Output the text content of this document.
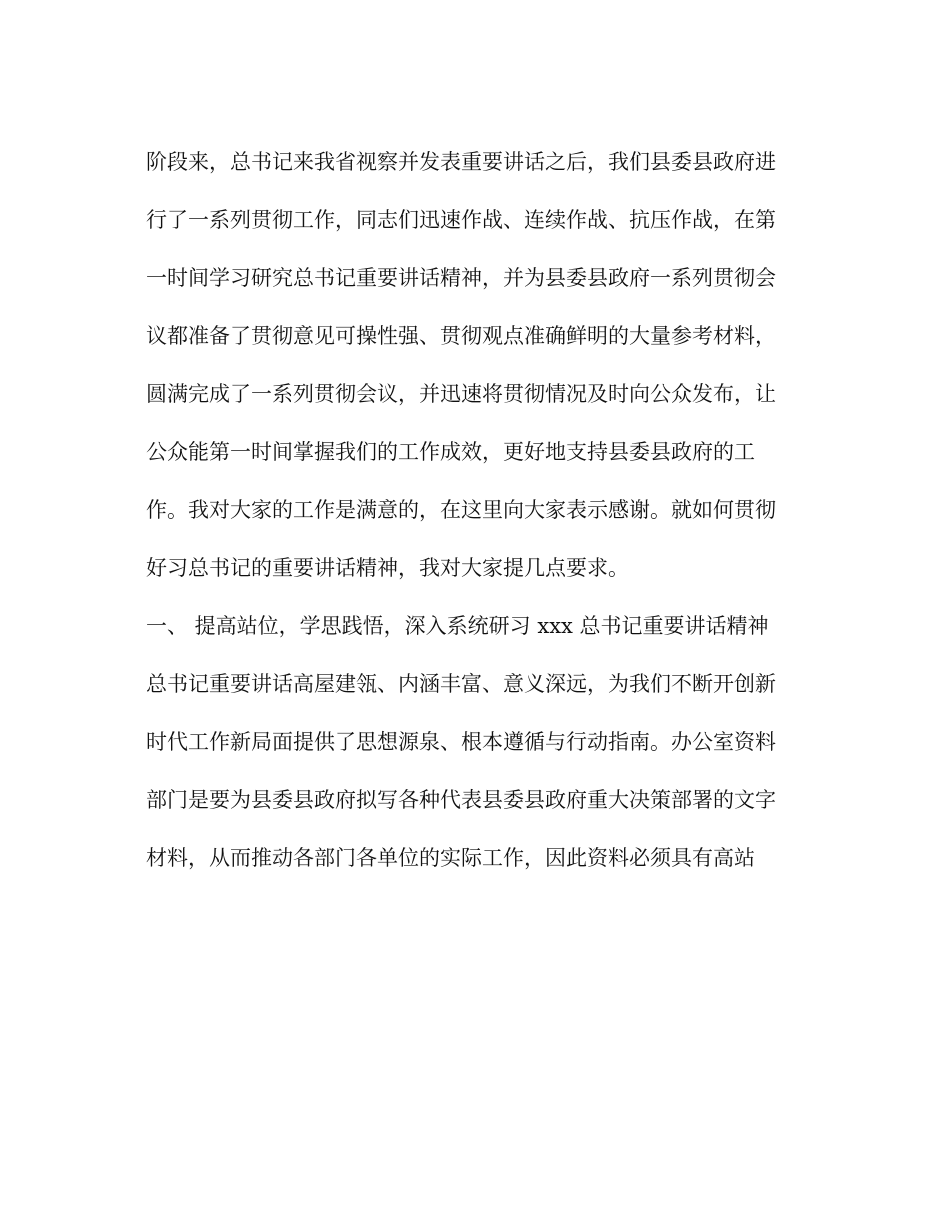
阶段来，总书记来我省视察并发表重要讲话之后，我们县委县政府进
行了一系列贯彻工作，同志们迅速作战、连续作战、抗压作战，在第
一时间学习研究总书记重要讲话精神，并为县委县政府一系列贯彻会
议都准备了贯彻意见可操性强、贯彻观点准确鲜明的大量参考材料，
圆满完成了一系列贯彻会议，并迅速将贯彻情况及时向公众发布，让
公众能第一时间掌握我们的工作成效，更好地支持县委县政府的工
作。我对大家的工作是满意的，在这里向大家表示感谢。就如何贯彻
好习总书记的重要讲话精神，我对大家提几点要求。
一、 提高站位，学思践悟，深入系统研习 xxx 总书记重要讲话精神
总书记重要讲话高屋建瓴、内涵丰富、意义深远，为我们不断开创新
时代工作新局面提供了思想源泉、根本遵循与行动指南。办公室资料
部门是要为县委县政府拟写各种代表县委县政府重大决策部署的文字
材料，从而推动各部门各单位的实际工作，因此资料必须具有高站
